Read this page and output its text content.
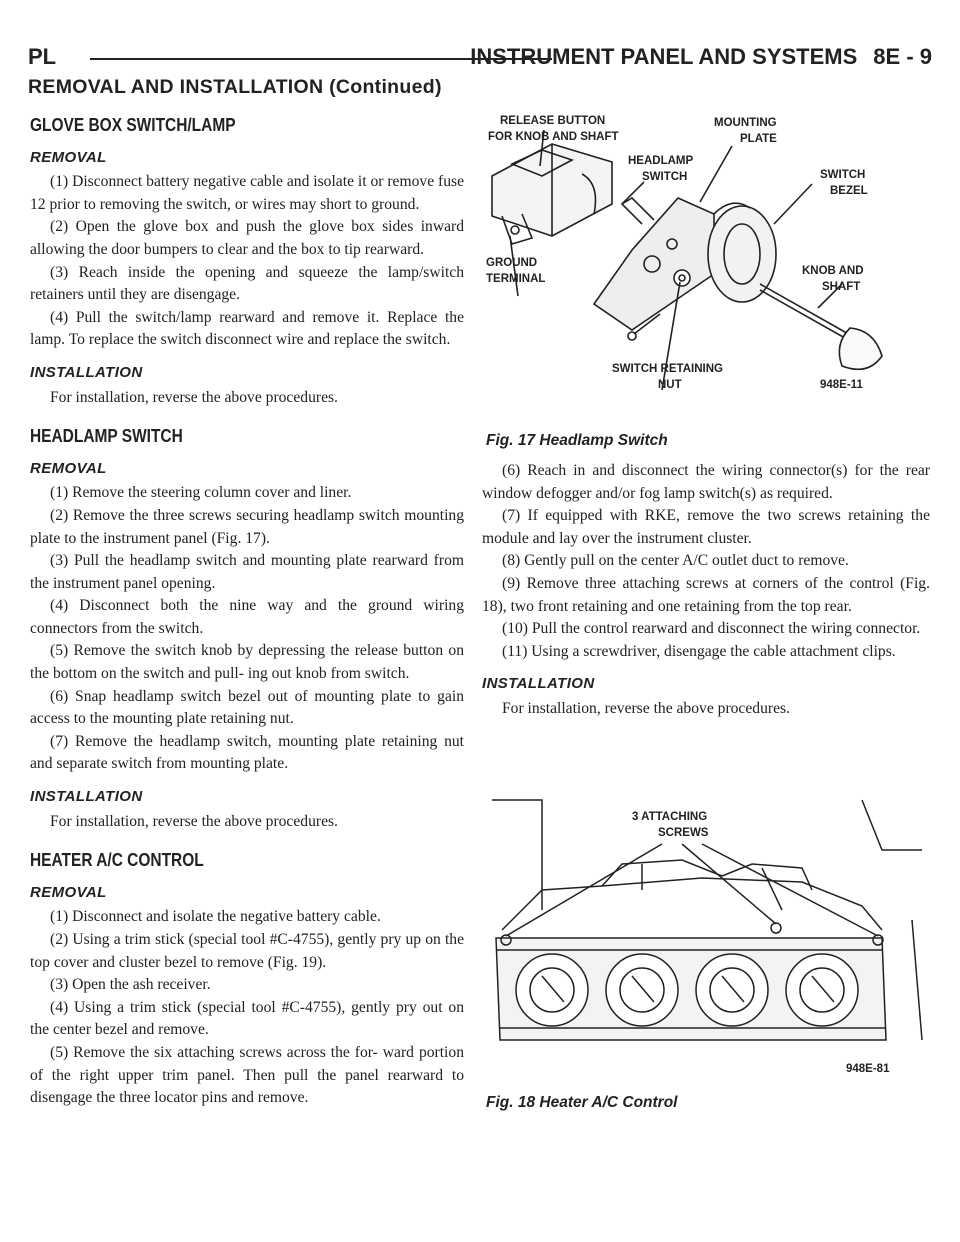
PL	INSTRUMENT PANEL AND SYSTEMS 8E - 9
REMOVAL AND INSTALLATION (Continued)
GLOVE BOX SWITCH/LAMP
REMOVAL

(1) Disconnect battery negative cable and isolate it or remove fuse 12 prior to removing the switch, or wires may short to ground.

(2) Open the glove box and push the glove box sides inward allowing the door bumpers to clear and the box to tip rearward.

(3) Reach inside the opening and squeeze the lamp/switch retainers until they are disengage.

(4) Pull the switch/lamp rearward and remove it. Replace the lamp. To replace the switch disconnect wire and replace the switch.

INSTALLATION

For installation, reverse the above procedures.

HEADLAMP SWITCH
REMOVAL

(1) Remove the steering column cover and liner.

(2) Remove the three screws securing headlamp switch mounting plate to the instrument panel (Fig. 17).

(3) Pull the headlamp switch and mounting plate rearward from the instrument panel opening.

(4) Disconnect both the nine way and the ground wiring connectors from the switch.

(5) Remove the switch knob by depressing the release button on the bottom on the switch and pull- ing out knob from switch.

(6) Snap headlamp switch bezel out of mounting plate to gain access to the mounting plate retaining nut.

(7) Remove the headlamp switch, mounting plate retaining nut and separate switch from mounting plate.

INSTALLATION

For installation, reverse the above procedures.

HEATER A/C CONTROL
REMOVAL

(1) Disconnect and isolate the negative battery cable.

(2) Using a trim stick (special tool #C-4755), gently pry up on the top cover and cluster bezel to remove (Fig. 19).

(3) Open the ash receiver.

(4) Using a trim stick (special tool #C-4755), gently pry out on the center bezel and remove.

(5) Remove the six attaching screws across the for- ward portion of the right upper trim panel. Then pull the panel rearward to disengage the three locator pins and remove.

RELEASE BUTTON
FOR KNOB AND SHAFT
MOUNTING
PLATE
HEADLAMP
SWITCH	SWITCH
BEZEL
GROUND
TERMINAL
KNOB AND
SHAFT
SWITCH RETAINING
NUT	948E-11
Fig. 17 Headlamp Switch

(6) Reach in and disconnect the wiring connector(s) for the rear window defogger and/or fog lamp switch(s) as required.

(7) If equipped with RKE, remove the two screws retaining the module and lay over the instrument cluster.

(8) Gently pull on the center A/C outlet duct to remove.

(9) Remove three attaching screws at corners of the control (Fig. 18), two front retaining and one retaining from the top rear.

(10) Pull the control rearward and disconnect the wiring connector.

(11) Using a screwdriver, disengage the cable attachment clips.

INSTALLATION

For installation, reverse the above procedures.

3 ATTACHING
SCREWS
948E-81
Fig. 18 Heater A/C Control
